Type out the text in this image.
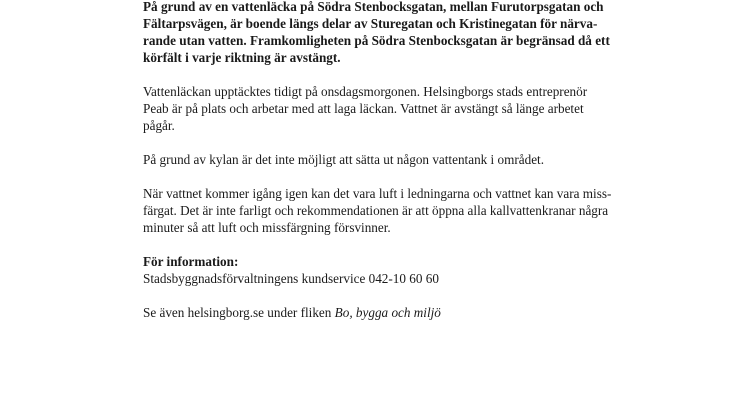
På grund av en vattenläcka på Södra Stenbocksgatan, mellan Furutorpsgatan och
Fältarpsvägen, är boende längs delar av Sturegatan och Kristinegatan för närva-
rande utan vatten. Framkomligheten på Södra Stenbocksgatan är begränsad då ett
körfält i varje riktning är avstängt.

Vattenläckan upptäcktes tidigt på onsdagsmorgonen. Helsingborgs stads entreprenör
Peab är på plats och arbetar med att laga läckan. Vattnet är avstängt så länge arbetet
pågår.

På grund av kylan är det inte möjligt att sätta ut någon vattentank i området.

När vattnet kommer igång igen kan det vara luft i ledningarna och vattnet kan vara miss-
färgat. Det är inte farligt och rekommendationen är att öppna alla kallvattenkranar några
minuter så att luft och missfärgning försvinner.

För information:
Stadsbyggnadsförvaltningens kundservice 042-10 60 60

Se även helsingborg.se under fliken Bo, bygga och miljö
